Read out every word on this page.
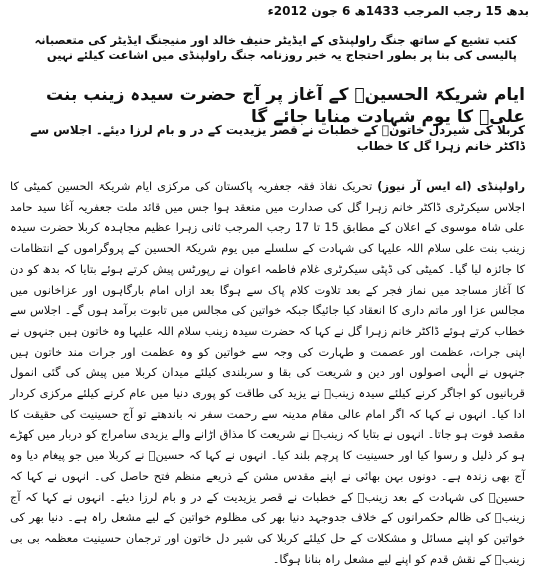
بدھ 15 رجب المرجب 1433ھ 6 جون 2012ء
کتب تشیع کے ساتھ جنگ راولپنڈی کے ایڈیٹر حنیف خالد اور منیجنگ ایڈیٹر کی متعصبانہ پالیسی کی بنا پر بطور احتجاج یہ خبر روزنامہ جنگ راولپنڈی میں اشاعت کیلئے نہیں
ایام شریکۃ الحسینؑ کے آغاز پر آج حضرت سیدہ زینب بنت علیؑ کا یوم شہادت منایا جائے گا
کربلا کی شیردل خاتونؑ کے خطبات نے قصر یزیدیت کے در و بام لرزا دیئے۔ اجلاس سے ڈاکٹر خانم زہرا گل کا خطاب

راولپنڈی (اے ایس آر نیوز) تحریک نفاذ فقہ جعفریہ پاکستان کی مرکزی ایام شریکۃ الحسین کمیٹی کا اجلاس سیکرٹری ڈاکٹر خانم زہرا گل کی صدارت میں منعقد ہوا جس میں قائد ملت جعفریہ آغا سید حامد علی شاہ موسوی کے اعلان کے مطابق 15 تا 17 رجب المرجب ثانی زہرا عظیم مجاہدہ کربلا حضرت سیدہ زینب بنت علی سلام اللہ علیہا کی شہادت کے سلسلے میں یوم شریکۃ الحسین کے پروگراموں کے انتظامات کا جائزہ لیا گیا۔ کمیٹی کی ڈپٹی سیکرٹری غلام فاطمہ اعوان نے رپورٹس پیش کرتے ہوئے بتایا کہ بدھ کو دن کا آغاز مساجد میں نماز فجر کے بعد تلاوت کلام پاک سے ہوگا بعد ازاں امام بارگاہوں اور عزاخانوں میں مجالس عزا اور ماتم داری کا انعقاد کیا جائیگا جبکہ خواتین کی مجالس میں تابوت برآمد ہوں گے۔ اجلاس سے خطاب کرتے ہوئے ڈاکٹر خانم زہرا گل نے کہا کہ حضرت سیدہ زینب سلام اللہ علیہا وہ خاتون ہیں جنہوں نے اپنی جرات، عظمت اور عصمت و طہارت کی وجہ سے خواتین کو وہ عظمت اور جرات مند خاتون ہیں جنہوں نے الٰہی اصولوں اور دین و شریعت کی بقا و سربلندی کیلئے میدان کربلا میں پیش کی گئی انمول قربانیوں کو اجاگر کرنے کیلئے سیدہ زینبؑ نے یزید کی طاقت کو پوری دنیا میں عام کرنے کیلئے مرکزی کردار ادا کیا۔ انہوں نے کہا کہ اگر امام عالی مقام مدینہ سے رحمت سفر نہ باندھتے تو آج حسینیت کی حقیقت کا مقصد فوت ہو جاتا۔ انہوں نے بتایا کہ زینبؑ نے شریعت کا مذاق اڑانے والے یزیدی سامراج کو دربار میں کھڑے ہو کر ذلیل و رسوا کیا اور حسینیت کا پرچم بلند کیا۔ انہوں نے کہا کہ حسینؑ نے کربلا میں جو پیغام دیا وہ آج بھی زندہ ہے۔ دونوں بہن بھائی نے اپنے مقدس مشن کے ذریعے منظم فتح حاصل کی۔ انہوں نے کہا کہ حسینؑ کی شہادت کے بعد زینبؑ کے خطبات نے قصر یزیدیت کے در و بام لرزا دیئے۔ انہوں نے کہا کہ آج زینبؑ کی ظالم حکمرانوں کے خلاف جدوجہد دنیا بھر کی مظلوم خواتین کے لیے مشعل راہ ہے۔ دنیا بھر کی خواتین کو اپنے مسائل و مشکلات کے حل کیلئے کربلا کی شیر دل خاتون اور ترجمان حسینیت معظمہ بی بی زینبؑ کے نقش قدم کو اپنے لیے مشعل راہ بنانا ہوگا۔
